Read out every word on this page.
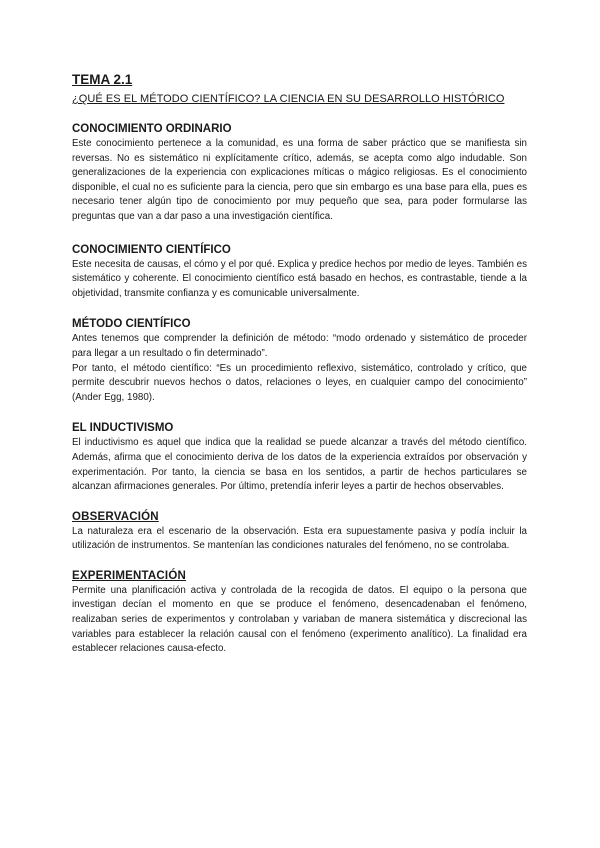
TEMA 2.1

¿QUÉ ES EL MÉTODO CIENTÍFICO? LA CIENCIA EN SU DESARROLLO HISTÓRICO

CONOCIMIENTO ORDINARIO

Este conocimiento pertenece a la comunidad, es una forma de saber práctico que se manifiesta sin reversas. No es sistemático ni explícitamente crítico, además, se acepta como algo indudable. Son generalizaciones de la experiencia con explicaciones míticas o mágico religiosas. Es el conocimiento disponible, el cual no es suficiente para la ciencia, pero que sin embargo es una base para ella, pues es necesario tener algún tipo de conocimiento por muy pequeño que sea, para poder formularse las preguntas que van a dar paso a una investigación científica.

CONOCIMIENTO CIENTÍFICO

Este necesita de causas, el cómo y el por qué. Explica y predice hechos por medio de leyes. También es sistemático y coherente. El conocimiento científico está basado en hechos, es contrastable, tiende a la objetividad, transmite confianza y es comunicable universalmente.

MÉTODO CIENTÍFICO

Antes tenemos que comprender la definición de método: “modo ordenado y sistemático de proceder para llegar a un resultado o fin determinado”.

Por tanto, el método científico: “Es un procedimiento reflexivo, sistemático, controlado y crítico, que permite descubrir nuevos hechos o datos, relaciones o leyes, en cualquier campo del conocimiento” (Ander Egg, 1980).

EL INDUCTIVISMO

El inductivismo es aquel que indica que la realidad se puede alcanzar a través del método científico. Además, afirma que el conocimiento deriva de los datos de la experiencia extraídos por observación y experimentación. Por tanto, la ciencia se basa en los sentidos, a partir de hechos particulares se alcanzan afirmaciones generales. Por último, pretendía inferir leyes a partir de hechos observables.

OBSERVACIÓN

La naturaleza era el escenario de la observación. Esta era supuestamente pasiva y podía incluir la utilización de instrumentos. Se mantenían las condiciones naturales del fenómeno, no se controlaba.

EXPERIMENTACIÓN

Permite una planificación activa y controlada de la recogida de datos. El equipo o la persona que investigan decían el momento en que se produce el fenómeno, desencadenaban el fenómeno, realizaban series de experimentos y controlaban y variaban de manera sistemática y discrecional las variables para establecer la relación causal con el fenómeno (experimento analítico). La finalidad era establecer relaciones causa-efecto.
